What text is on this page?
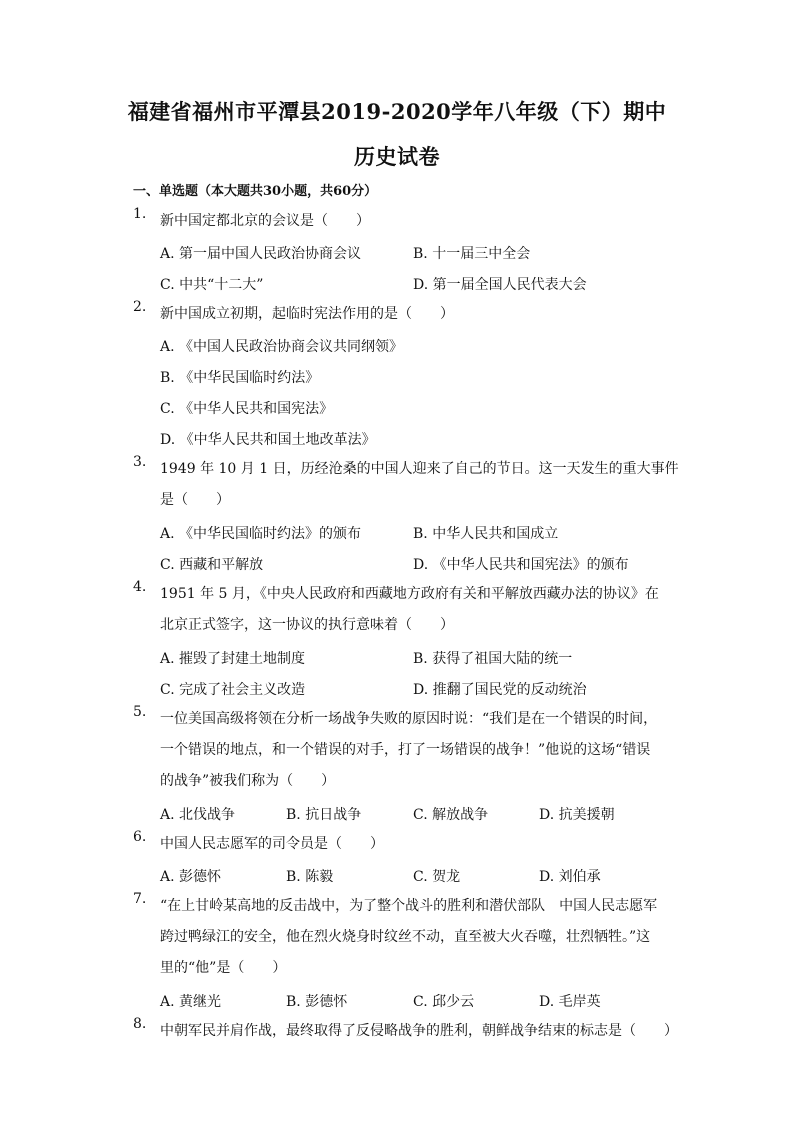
福建省福州市平潭县2019-2020学年八年级（下）期中
历史试卷
一、单选题（本大题共30小题，共60分）
1. 新中国定都北京的会议是（　　）
A. 第一届中国人民政治协商会议	B. 十一届三中全会
C. 中共“十二大”	D. 第一届全国人民代表大会
2. 新中国成立初期，起临时宪法作用的是（　　）
A. 《中国人民政治协商会议共同纲领》
B. 《中华民国临时约法》
C. 《中华人民共和国宪法》
D. 《中华人民共和国土地改革法》
3. 1949 年 10 月 1 日，历经沧桑的中国人迎来了自己的节日。这一天发生的重大事件
是（　　）
A. 《中华民国临时约法》的颁布	B. 中华人民共和国成立
C. 西藏和平解放	D. 《中华人民共和国宪法》的颁布
4. 1951 年 5 月，《中央人民政府和西藏地方政府有关和平解放西藏办法的协议》在
北京正式签字，这一协议的执行意味着（　　）
A. 摧毁了封建土地制度	B. 获得了祖国大陆的统一
C. 完成了社会主义改造	D. 推翻了国民党的反动统治
5. 一位美国高级将领在分析一场战争失败的原因时说：“我们是在一个错误的时间，
一个错误的地点，和一个错误的对手，打了一场错误的战争！”他说的这场“错误
的战争”被我们称为（　　）
A. 北伐战争	B. 抗日战争	C. 解放战争	D. 抗美援朝
6. 中国人民志愿军的司令员是（　　）
A. 彭德怀	B. 陈毅	C. 贺龙	D. 刘伯承
7. “在上甘岭某高地的反击战中，为了整个战斗的胜利和潜伏部队　中国人民志愿军
跨过鸭绿江的安全，他在烈火烧身时纹丝不动，直至被大火吞噬，壮烈牺牲。”这
里的“他”是（　　）
A. 黄继光	B. 彭德怀	C. 邱少云	D. 毛岸英
8. 中朝军民并肩作战，最终取得了反侵略战争的胜利，朝鲜战争结束的标志是（　　）
